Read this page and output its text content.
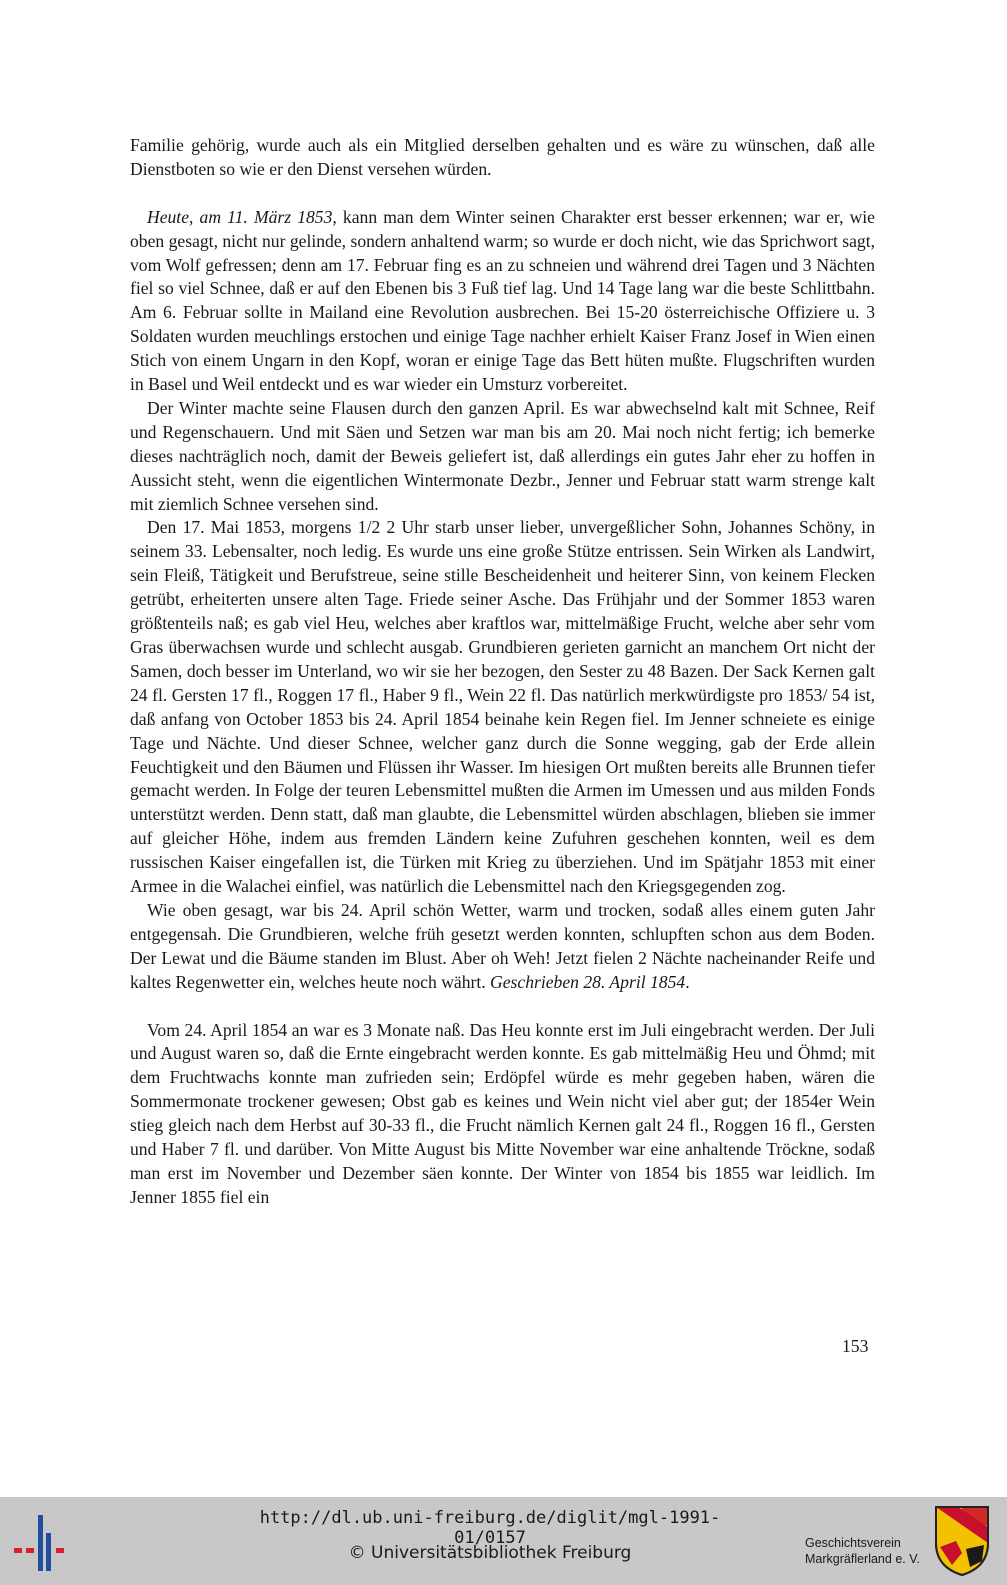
Familie gehörig, wurde auch als ein Mitglied derselben gehalten und es wäre zu wünschen, daß alle Dienstboten so wie er den Dienst versehen würden.

Heute, am 11. März 1853, kann man dem Winter seinen Charakter erst besser erkennen; war er, wie oben gesagt, nicht nur gelinde, sondern anhaltend warm; so wurde er doch nicht, wie das Sprichwort sagt, vom Wolf gefressen; denn am 17. Februar fing es an zu schneien und während drei Tagen und 3 Nächten fiel so viel Schnee, daß er auf den Ebenen bis 3 Fuß tief lag. Und 14 Tage lang war die beste Schlittbahn. Am 6. Februar sollte in Mailand eine Revolution ausbrechen. Bei 15-20 österreichische Offiziere u. 3 Soldaten wurden meuchlings erstochen und einige Tage nachher erhielt Kaiser Franz Josef in Wien einen Stich von einem Ungarn in den Kopf, woran er einige Tage das Bett hüten mußte. Flugschriften wurden in Basel und Weil entdeckt und es war wieder ein Umsturz vorbereitet.

Der Winter machte seine Flausen durch den ganzen April. Es war abwechselnd kalt mit Schnee, Reif und Regenschauern. Und mit Säen und Setzen war man bis am 20. Mai noch nicht fertig; ich bemerke dieses nachträglich noch, damit der Beweis geliefert ist, daß allerdings ein gutes Jahr eher zu hoffen in Aussicht steht, wenn die eigentlichen Wintermonate Dezbr., Jenner und Februar statt warm strenge kalt mit ziemlich Schnee versehen sind.

Den 17. Mai 1853, morgens 1/2 2 Uhr starb unser lieber, unvergeßlicher Sohn, Johannes Schöny, in seinem 33. Lebensalter, noch ledig. Es wurde uns eine große Stütze entrissen. Sein Wirken als Landwirt, sein Fleiß, Tätigkeit und Berufstreue, seine stille Bescheidenheit und heiterer Sinn, von keinem Flecken getrübt, erheiterten unsere alten Tage. Friede seiner Asche. Das Frühjahr und der Sommer 1853 waren größtenteils naß; es gab viel Heu, welches aber kraftlos war, mittelmäßige Frucht, welche aber sehr vom Gras überwachsen wurde und schlecht ausgab. Grundbieren gerieten garnicht an manchem Ort nicht der Samen, doch besser im Unterland, wo wir sie her bezogen, den Sester zu 48 Bazen. Der Sack Kernen galt 24 fl. Gersten 17 fl., Roggen 17 fl., Haber 9 fl., Wein 22 fl. Das natürlich merkwürdigste pro 1853/ 54 ist, daß anfang von October 1853 bis 24. April 1854 beinahe kein Regen fiel. Im Jenner schneiete es einige Tage und Nächte. Und dieser Schnee, welcher ganz durch die Sonne wegging, gab der Erde allein Feuchtigkeit und den Bäumen und Flüssen ihr Wasser. Im hiesigen Ort mußten bereits alle Brunnen tiefer gemacht werden. In Folge der teuren Lebensmittel mußten die Armen im Umessen und aus milden Fonds unterstützt werden. Denn statt, daß man glaubte, die Lebensmittel würden abschlagen, blieben sie immer auf gleicher Höhe, indem aus fremden Ländern keine Zufuhren geschehen konnten, weil es dem russischen Kaiser eingefallen ist, die Türken mit Krieg zu überziehen. Und im Spätjahr 1853 mit einer Armee in die Walachei einfiel, was natürlich die Lebensmittel nach den Kriegsgegenden zog.

Wie oben gesagt, war bis 24. April schön Wetter, warm und trocken, sodaß alles einem guten Jahr entgegensah. Die Grundbieren, welche früh gesetzt werden konnten, schlupften schon aus dem Boden. Der Lewat und die Bäume standen im Blust. Aber oh Weh! Jetzt fielen 2 Nächte nacheinander Reife und kaltes Regenwetter ein, welches heute noch währt. Geschrieben 28. April 1854.

Vom 24. April 1854 an war es 3 Monate naß. Das Heu konnte erst im Juli eingebracht werden. Der Juli und August waren so, daß die Ernte eingebracht werden konnte. Es gab mittelmäßig Heu und Öhmd; mit dem Fruchtwachs konnte man zufrieden sein; Erdöpfel würde es mehr gegeben haben, wären die Sommermonate trockener gewesen; Obst gab es keines und Wein nicht viel aber gut; der 1854er Wein stieg gleich nach dem Herbst auf 30-33 fl., die Frucht nämlich Kernen galt 24 fl., Roggen 16 fl., Gersten und Haber 7 fl. und darüber. Von Mitte August bis Mitte November war eine anhaltende Tröckne, sodaß man erst im November und Dezember säen konnte. Der Winter von 1854 bis 1855 war leidlich. Im Jenner 1855 fiel ein

153
http://dl.ub.uni-freiburg.de/diglit/mgl-1991-01/0157
© Universitätsbibliothek Freiburg	Geschichtsverein
Markgräflerland e. V.
